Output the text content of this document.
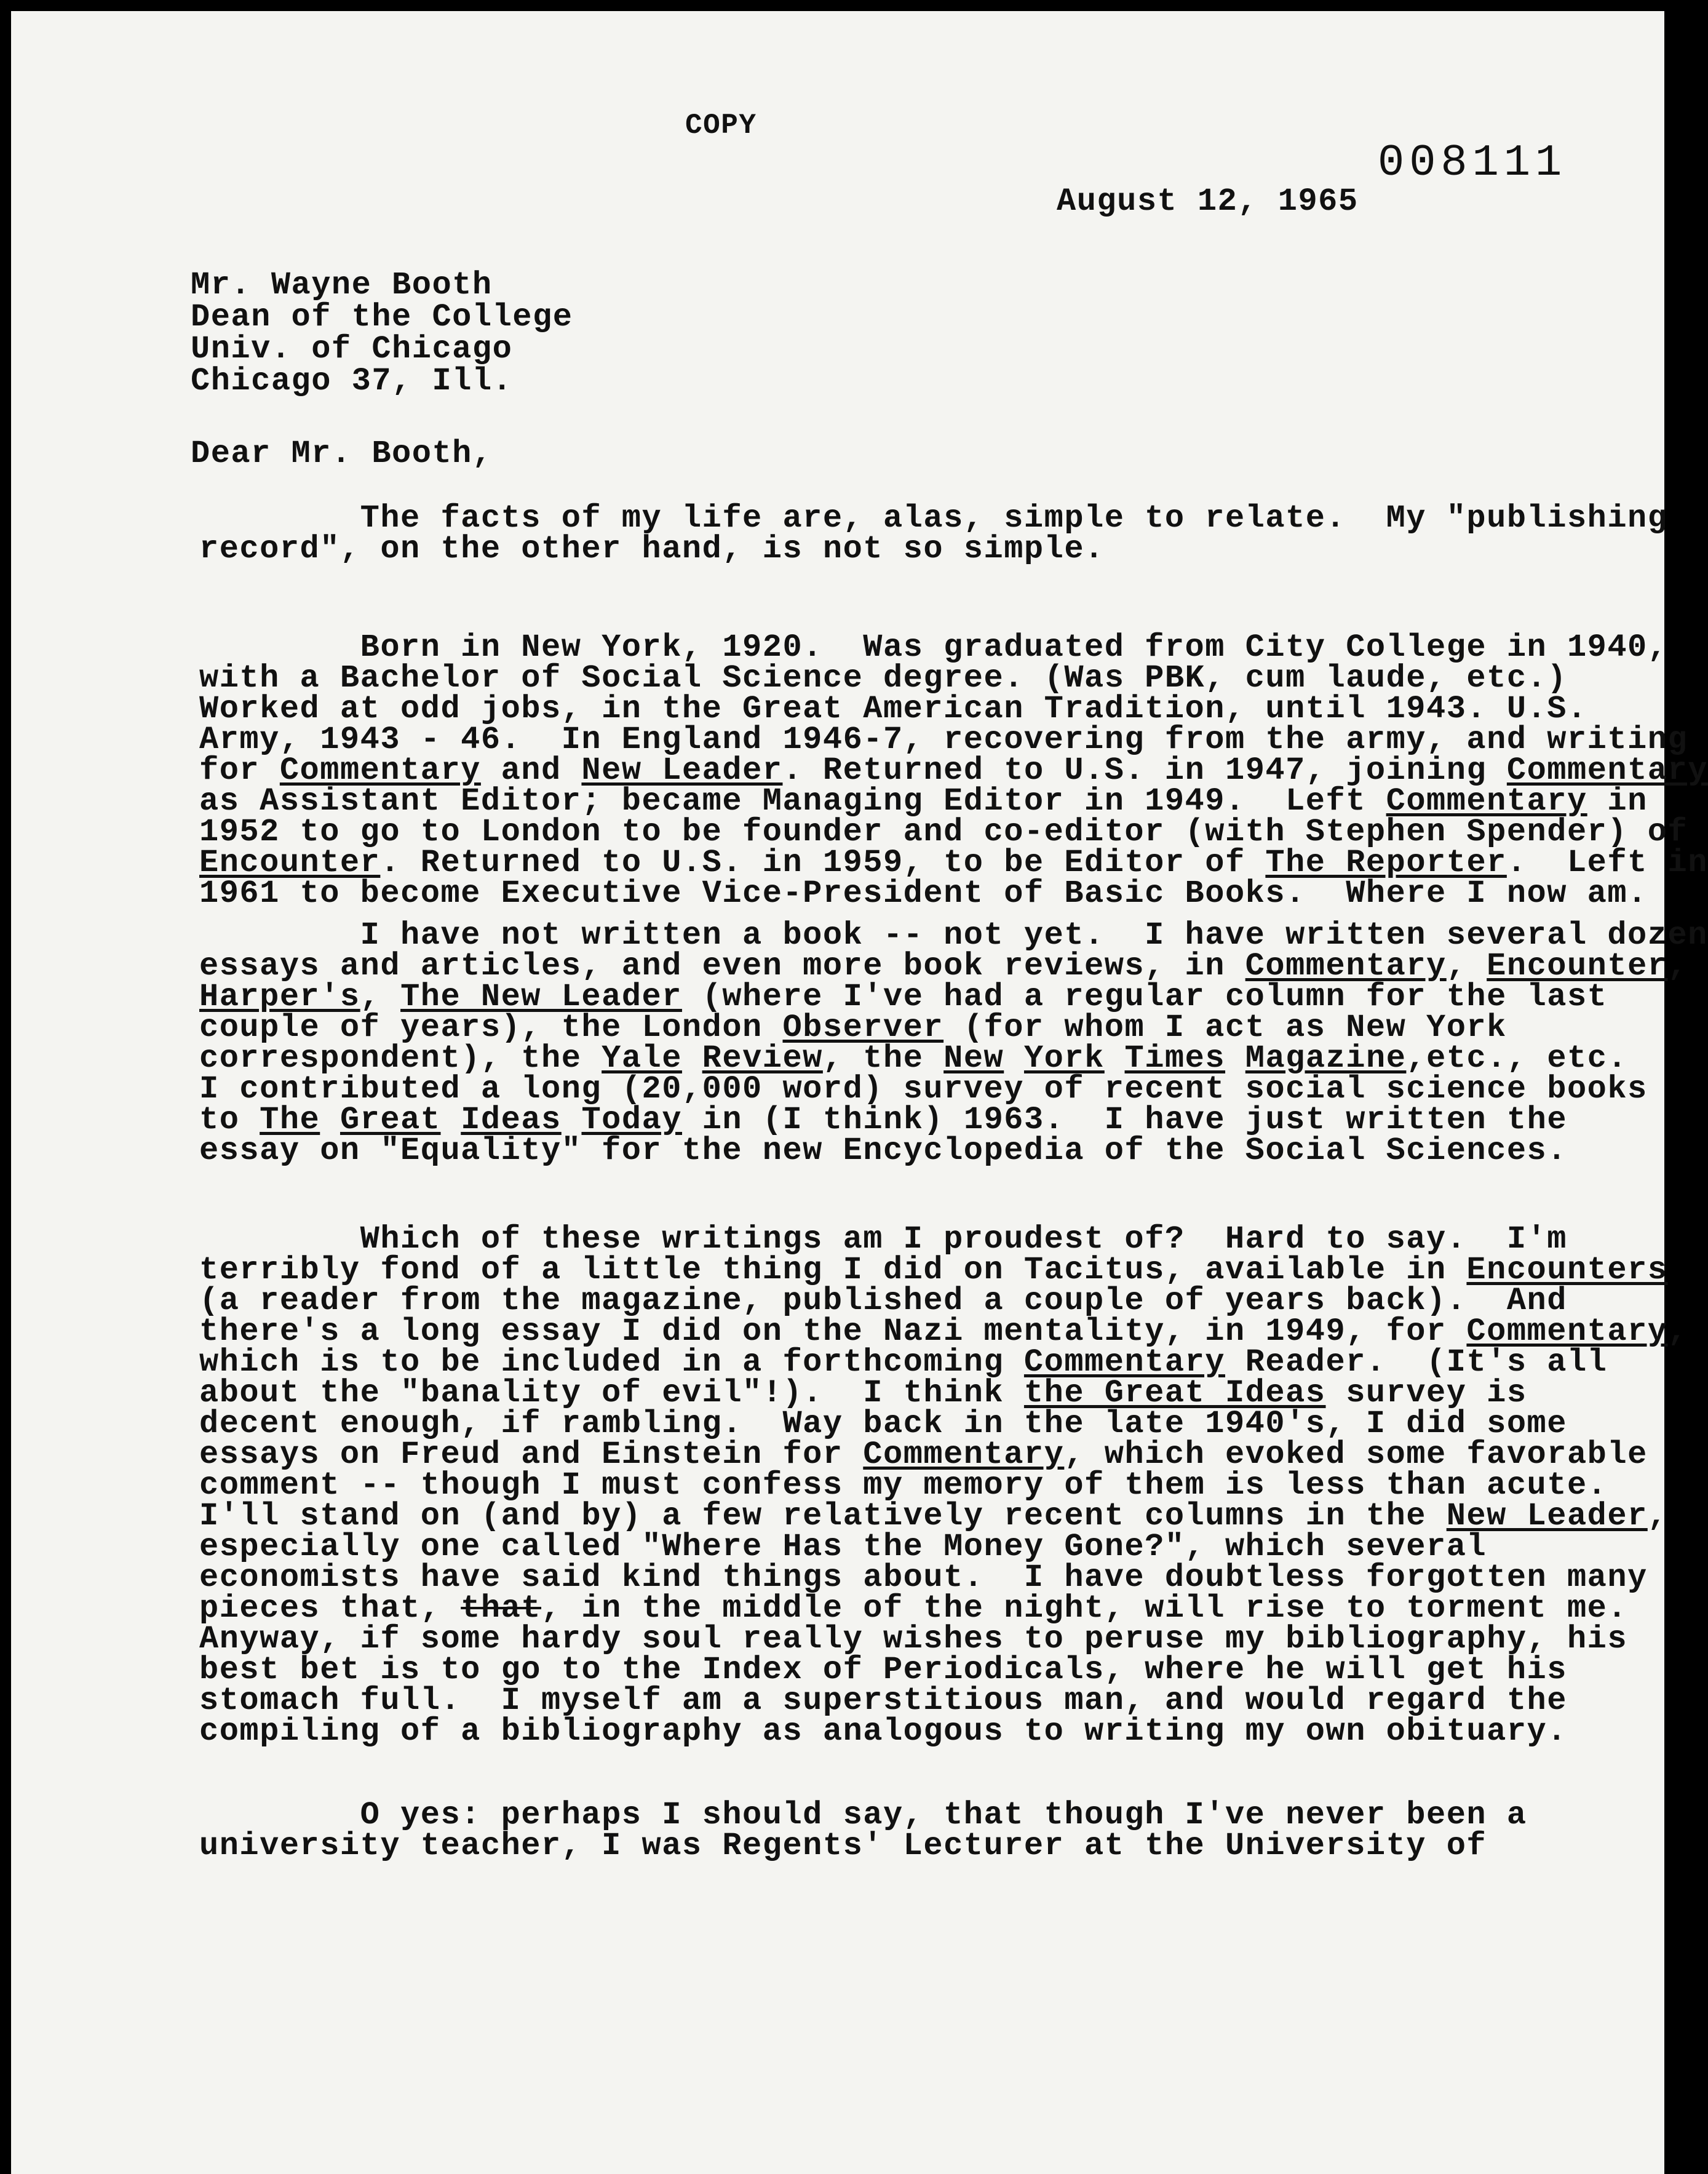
COPY
008111
August 12, 1965
Mr. Wayne Booth
Dean of the College
Univ. of Chicago
Chicago 37, Ill.
Dear Mr. Booth,
The facts of my life are, alas, simple to relate.  My "publishing
record", on the other hand, is not so simple.
Born in New York, 1920.  Was graduated from City College in 1940,
with a Bachelor of Social Science degree. (Was PBK, cum laude, etc.)
Worked at odd jobs, in the Great American Tradition, until 1943. U.S.
Army, 1943 - 46.  In England 1946-7, recovering from the army, and writing
for Commentary and New Leader. Returned to U.S. in 1947, joining Commentary
as Assistant Editor; became Managing Editor in 1949.  Left Commentary in
1952 to go to London to be founder and co-editor (with Stephen Spender) of
Encounter. Returned to U.S. in 1959, to be Editor of The Reporter.  Left in
1961 to become Executive Vice-President of Basic Books.  Where I now am.
I have not written a book -- not yet.  I have written several dozen
essays and articles, and even more book reviews, in Commentary, Encounter,
Harper's, The New Leader (where I've had a regular column for the last
couple of years), the London Observer (for whom I act as New York
correspondent), the Yale Review, the New York Times Magazine,etc., etc.
I contributed a long (20,000 word) survey of recent social science books
to The Great Ideas Today in (I think) 1963.  I have just written the
essay on "Equality" for the new Encyclopedia of the Social Sciences.
Which of these writings am I proudest of?  Hard to say.  I'm
terribly fond of a little thing I did on Tacitus, available in Encounters
(a reader from the magazine, published a couple of years back).  And
there's a long essay I did on the Nazi mentality, in 1949, for Commentary,
which is to be included in a forthcoming Commentary Reader.  (It's all
about the "banality of evil"!).  I think the Great Ideas survey is
decent enough, if rambling.  Way back in the late 1940's, I did some
essays on Freud and Einstein for Commentary, which evoked some favorable
comment -- though I must confess my memory of them is less than acute.
I'll stand on (and by) a few relatively recent columns in the New Leader,
especially one called "Where Has the Money Gone?", which several
economists have said kind things about.  I have doubtless forgotten many
pieces that, that, in the middle of the night, will rise to torment me.
Anyway, if some hardy soul really wishes to peruse my bibliography, his
best bet is to go to the Index of Periodicals, where he will get his
stomach full.  I myself am a superstitious man, and would regard the
compiling of a bibliography as analogous to writing my own obituary.
O yes: perhaps I should say, that though I've never been a
university teacher, I was Regents' Lecturer at the University of
